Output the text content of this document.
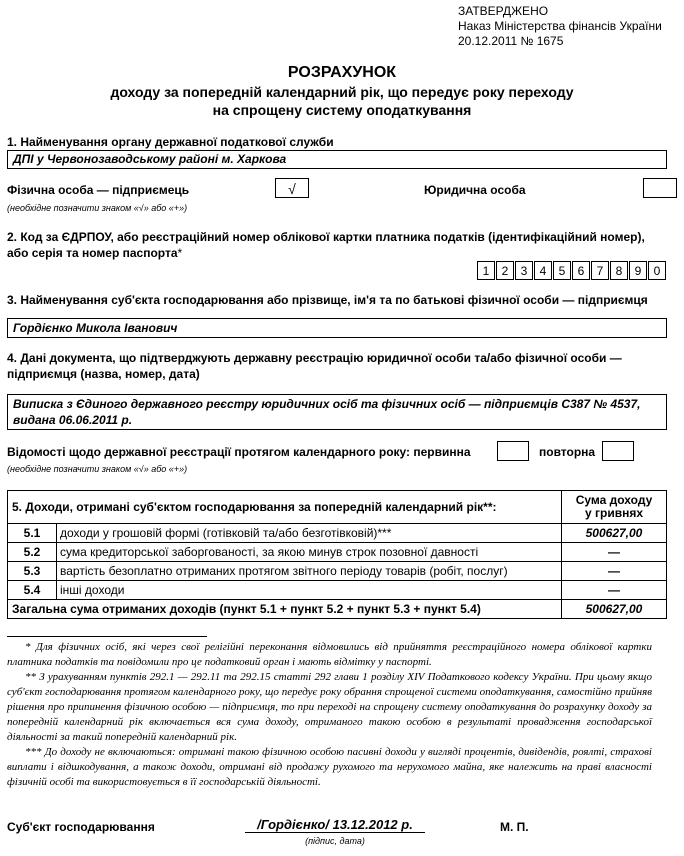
ЗАТВЕРДЖЕНО
Наказ Міністерства фінансів України
20.12.2011 № 1675
РОЗРАХУНОК
доходу за попередній календарний рік, що передує року переходу
на спрощену систему оподаткування
1. Найменування органу державної податкової служби
ДПІ у Червонозаводському районі м. Харкова
Фізична особа — підприємець	√	Юридична особа
(необхідне позначити знаком «√» або «+»)
2. Код за ЄДРПОУ, або реєстраційний номер облікової картки платника податків (ідентифікаційний номер),
або серія та номер паспорта*
1	2	3	4	5	6	7	8	9	0
3. Найменування суб'єкта господарювання або прізвище, ім'я та по батькові фізичної особи — підприємця
Гордієнко Микола Іванович
4. Дані документа, що підтверджують державну реєстрацію юридичної особи та/або фізичної особи —
підприємця (назва, номер, дата)
Виписка з Єдиного державного реєстру юридичних осіб та фізичних осіб — підприємців С387 № 4537,
видана 06.06.2011 р.
Відомості щодо державної реєстрації протягом календарного року: первинна	повторна
(необхідне позначити знаком «√» або «+»)
5. Доходи, отримані суб'єктом господарювання за попередній календарний рік**:		Сума доходу
у гривнях

5.1	доходи у грошовій формі (готівковій та/або безготівковій)***	500627,00
5.2	сума кредиторської заборгованості, за якою минув строк позовної давності	—
5.3	вартість безоплатно отриманих протягом звітного періоду товарів (робіт, послуг)	—
5.4	інші доходи	—
Загальна сума отриманих доходів (пункт 5.1 + пункт 5.2 + пункт 5.3 + пункт 5.4)		500627,00
* Для фізичних осіб, які через свої релігійні переконання відмовились від прийняття реєстраційного номера облікової картки платника податків та повідомили про це податковий орган і мають відмітку у паспорті.
** З урахуванням пунктів 292.1 — 292.11 та 292.15 статті 292 глави 1 розділу XIV Податкового кодексу України. При цьому якщо суб'єкт господарювання протягом календарного року, що передує року обрання спрощеної системи оподаткування, самостійно прийняв рішення про припинення фізичною особою — підприємця, то при переході на спрощену систему оподаткування до розрахунку доходу за попередній календарний рік включається вся сума доходу, отриманого такою особою в результаті провадження господарської діяльності за такий попередній календарний рік.
*** До доходу не включаються: отримані такою фізичною особою пасивні доходи у вигляді процентів, дивідендів, роялті, страхові виплати і відшкодування, а також доходи, отримані від продажу рухомого та нерухомого майна, яке належить на праві власності фізичній особі та використовується в її господарській діяльності.
Суб'єкт господарювання	/Гордієнко/ 13.12.2012 р.
(підпис, дата)
М. П.
